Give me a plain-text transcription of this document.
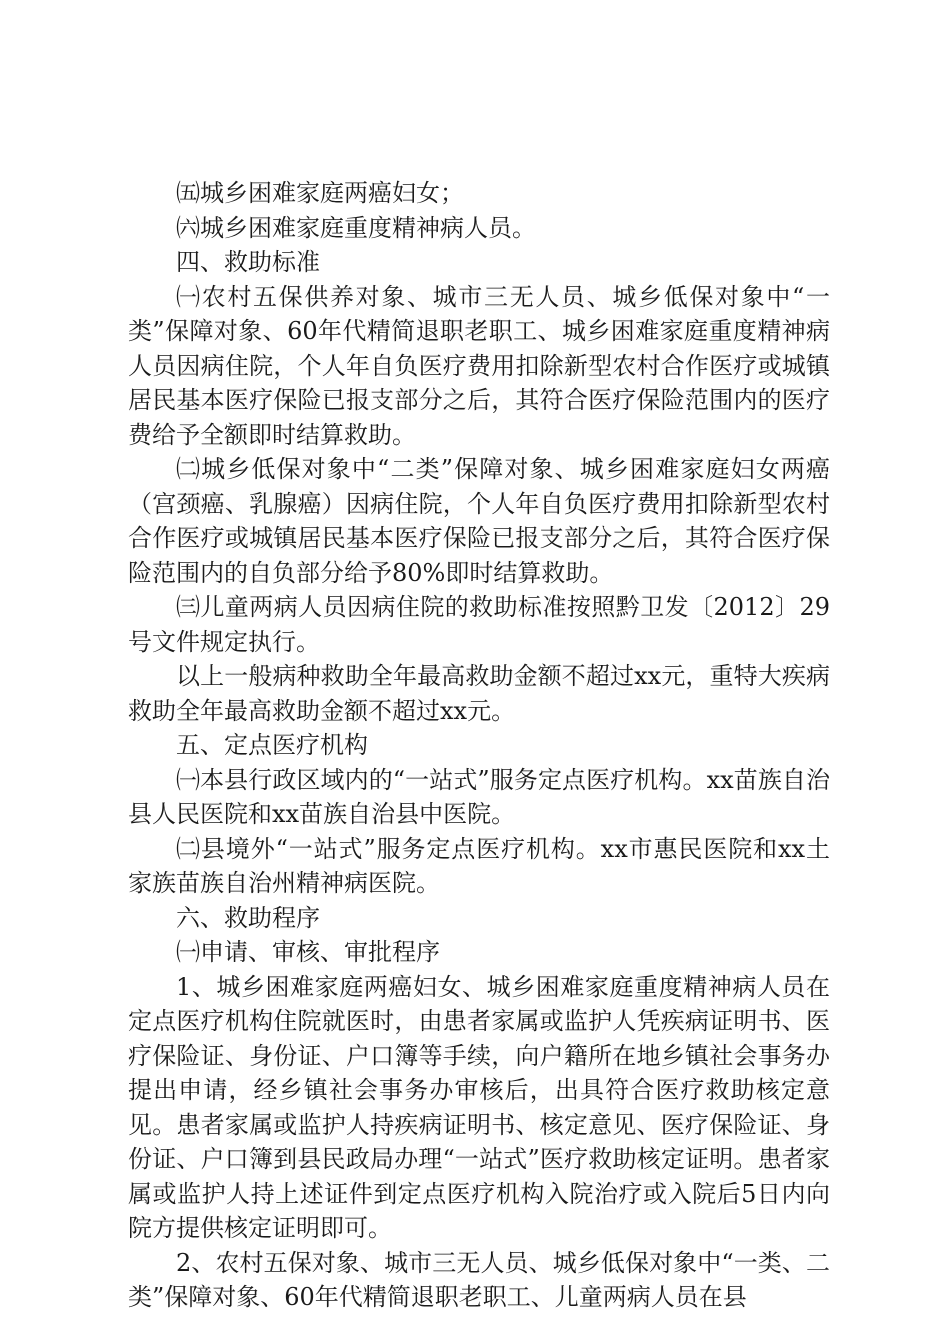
㈤城乡困难家庭两癌妇女；

㈥城乡困难家庭重度精神病人员。

四、救助标准

㈠农村五保供养对象、城市三无人员、城乡低保对象中“一类”保障对象、60年代精简退职老职工、城乡困难家庭重度精神病人员因病住院，个人年自负医疗费用扣除新型农村合作医疗或城镇居民基本医疗保险已报支部分之后，其符合医疗保险范围内的医疗费给予全额即时结算救助。

㈡城乡低保对象中“二类”保障对象、城乡困难家庭妇女两癌（宫颈癌、乳腺癌）因病住院，个人年自负医疗费用扣除新型农村合作医疗或城镇居民基本医疗保险已报支部分之后，其符合医疗保险范围内的自负部分给予80%即时结算救助。

㈢儿童两病人员因病住院的救助标准按照黔卫发〔2012〕29号文件规定执行。

以上一般病种救助全年最高救助金额不超过xx元，重特大疾病救助全年最高救助金额不超过xx元。

五、定点医疗机构

㈠本县行政区域内的“一站式”服务定点医疗机构。xx苗族自治县人民医院和xx苗族自治县中医院。

㈡县境外“一站式”服务定点医疗机构。xx市惠民医院和xx土家族苗族自治州精神病医院。

六、救助程序

㈠申请、审核、审批程序

1、城乡困难家庭两癌妇女、城乡困难家庭重度精神病人员在定点医疗机构住院就医时，由患者家属或监护人凭疾病证明书、医疗保险证、身份证、户口簿等手续，向户籍所在地乡镇社会事务办提出申请，经乡镇社会事务办审核后，出具符合医疗救助核定意见。患者家属或监护人持疾病证明书、核定意见、医疗保险证、身份证、户口簿到县民政局办理“一站式”医疗救助核定证明。患者家属或监护人持上述证件到定点医疗机构入院治疗或入院后5日内向院方提供核定证明即可。

2、农村五保对象、城市三无人员、城乡低保对象中“一类、二类”保障对象、60年代精简退职老职工、儿童两病人员在县
